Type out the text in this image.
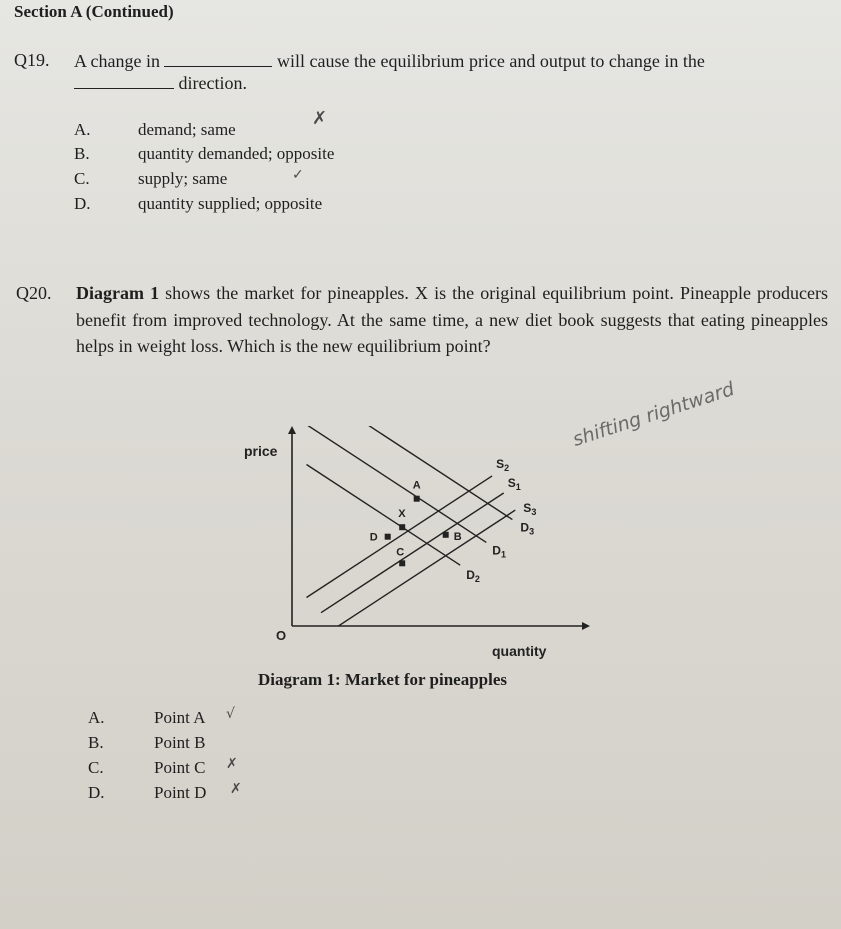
Section A (Continued)
Q19. A change in	will cause the equilibrium price and output to change in the
direction.
A.	demand; same
✗
B.	quantity demanded; opposite
C.	supply; same	✓
D.	quantity supplied; opposite
Q20. Diagram 1 shows the market for pineapples. X is the original equilibrium point. Pineapple producers benefit from improved technology. At the same time, a new diet book suggests that eating pineapples helps in weight loss. Which is the new equilibrium point?
shifting rightward
price
quantity
O
$S_2$
$S_1$
$S_3$
$D_2$
$D_1$
$D_3$
A
X
D	B
C
Diagram 1: Market for pineapples
A.	Point A √
B.	Point B
C.	Point C ✗
D.	Point D ✗
